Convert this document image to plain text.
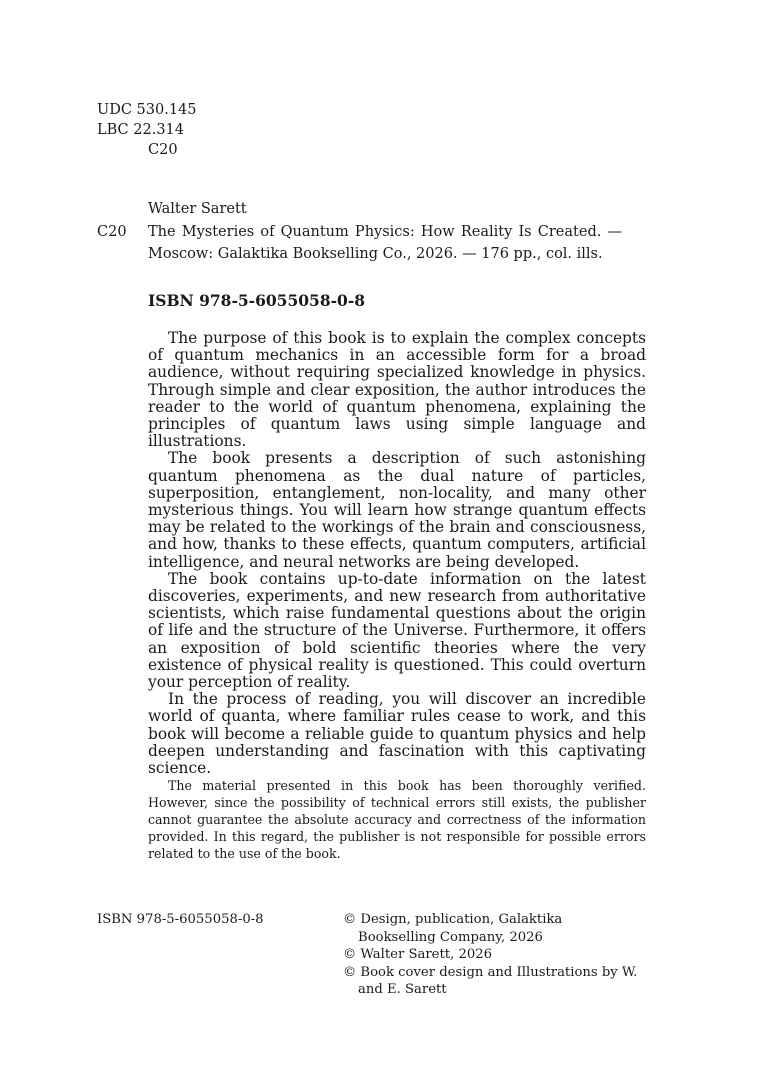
UDC 530.145
LBC 22.314
C20
Walter Sarett
C20 The Mysteries of Quantum Physics: How Reality Is Created. — Moscow: Galaktika Bookselling Co., 2026. — 176 pp., col. ills.
ISBN 978-5-6055058-0-8

The purpose of this book is to explain the complex concepts of quantum mechanics in an accessible form for a broad audience, without requiring specialized knowledge in physics. Through simple and clear exposition, the author introduces the reader to the world of quantum phenomena, explaining the principles of quantum laws using simple language and illustrations.

The book presents a description of such astonishing quantum phenomena as the dual nature of particles, superposition, entanglement, non-locality, and many other mysterious things. You will learn how strange quantum effects may be related to the workings of the brain and consciousness, and how, thanks to these effects, quantum computers, artificial intelligence, and neural networks are being developed.

The book contains up-to-date information on the latest discoveries, experiments, and new research from authoritative scientists, which raise fundamental questions about the origin of life and the structure of the Universe. Furthermore, it offers an exposition of bold scientific theories where the very existence of physical reality is questioned. This could overturn your perception of reality.

In the process of reading, you will discover an incredible world of quanta, where familiar rules cease to work, and this book will become a reliable guide to quantum physics and help deepen understanding and fascination with this captivating science.

The material presented in this book has been thoroughly verified. However, since the possibility of technical errors still exists, the publisher cannot guarantee the absolute accuracy and correctness of the information provided. In this regard, the publisher is not responsible for possible errors related to the use of the book.
ISBN 978-5-6055058-0-8	© Design, publication, Galaktika Bookselling Company, 2026
© Walter Sarett, 2026
© Book cover design and Illustrations by W. and E. Sarett
